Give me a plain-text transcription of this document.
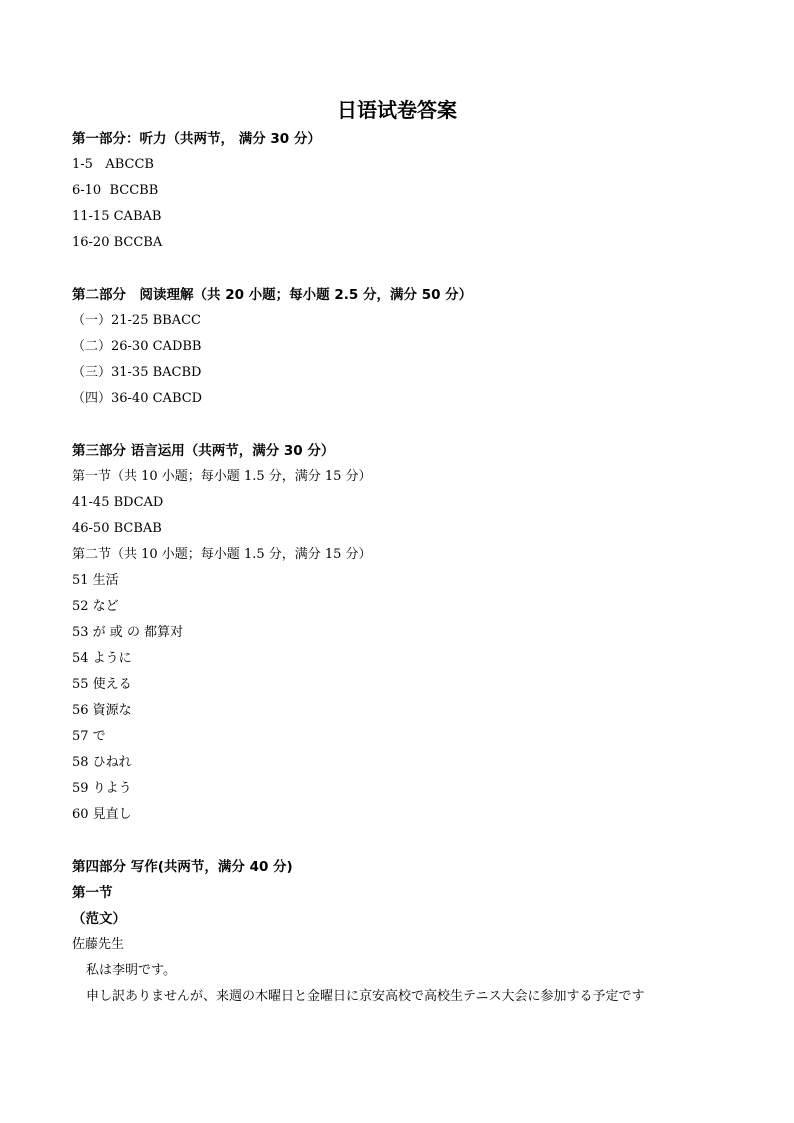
日语试卷答案
第一部分：听力（共两节， 满分 30 分）
1-5   ABCCB
6-10  BCCBB
11-15 CABAB
16-20 BCCBA
第二部分　阅读理解（共 20 小题；每小题 2.5 分，满分 50 分）
（一）21-25 BBACC
（二）26-30 CADBB
（三）31-35 BACBD
（四）36-40 CABCD
第三部分 语言运用（共两节，满分 30 分）
第一节（共 10 小题；每小题 1.5 分，满分 15 分）
41-45 BDCAD
46-50 BCBAB
第二节（共 10 小题；每小题 1.5 分，满分 15 分）
51 生活
52 など
53 が 或 の 都算对
54 ように
55 使える
56 資源な
57 で
58 ひねれ
59 りよう
60 見直し
第四部分 写作(共两节，满分 40 分)
第一节
（范文）
佐藤先生
私は李明です。
申し訳ありませんが、来週の木曜日と金曜日に京安高校で高校生テニス大会に参加する予定です
